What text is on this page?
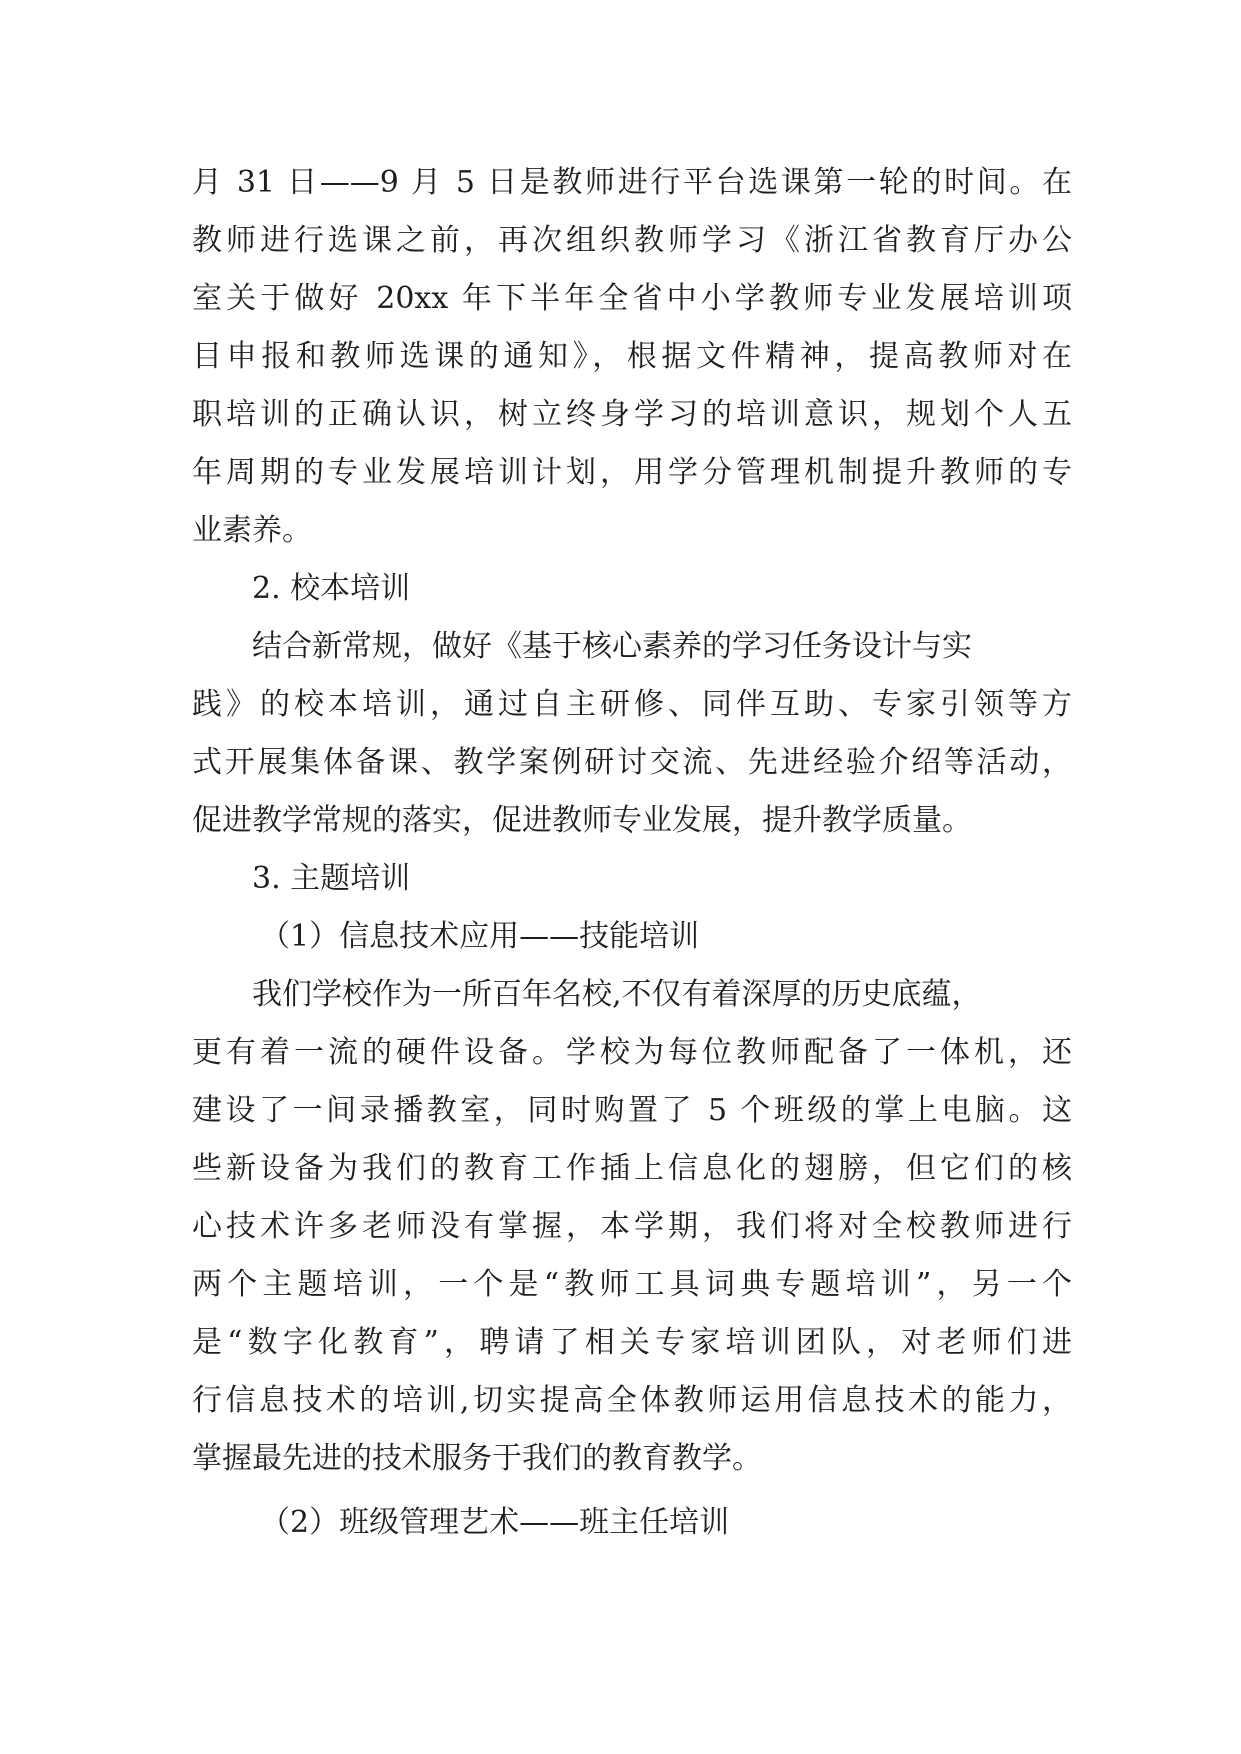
月 31 日——9 月 5 日是教师进行平台选课第一轮的时间。在
教师进行选课之前，再次组织教师学习《浙江省教育厅办公
室关于做好 20xx 年下半年全省中小学教师专业发展培训项
目申报和教师选课的通知》，根据文件精神，提高教师对在
职培训的正确认识，树立终身学习的培训意识，规划个人五
年周期的专业发展培训计划，用学分管理机制提升教师的专
业素养。
2. 校本培训
结合新常规，做好《基于核心素养的学习任务设计与实
践》的校本培训，通过自主研修、同伴互助、专家引领等方
式开展集体备课、教学案例研讨交流、先进经验介绍等活动，
促进教学常规的落实，促进教师专业发展，提升教学质量。
3. 主题培训
（1）信息技术应用——技能培训
我们学校作为一所百年名校,不仅有着深厚的历史底蕴，
更有着一流的硬件设备。学校为每位教师配备了一体机，还
建设了一间录播教室，同时购置了 5 个班级的掌上电脑。这
些新设备为我们的教育工作插上信息化的翅膀，但它们的核
心技术许多老师没有掌握，本学期，我们将对全校教师进行
两个主题培训，一个是“教师工具词典专题培训”，另一个
是“数字化教育”，聘请了相关专家培训团队，对老师们进
行信息技术的培训,切实提高全体教师运用信息技术的能力，
掌握最先进的技术服务于我们的教育教学。
（2）班级管理艺术——班主任培训
